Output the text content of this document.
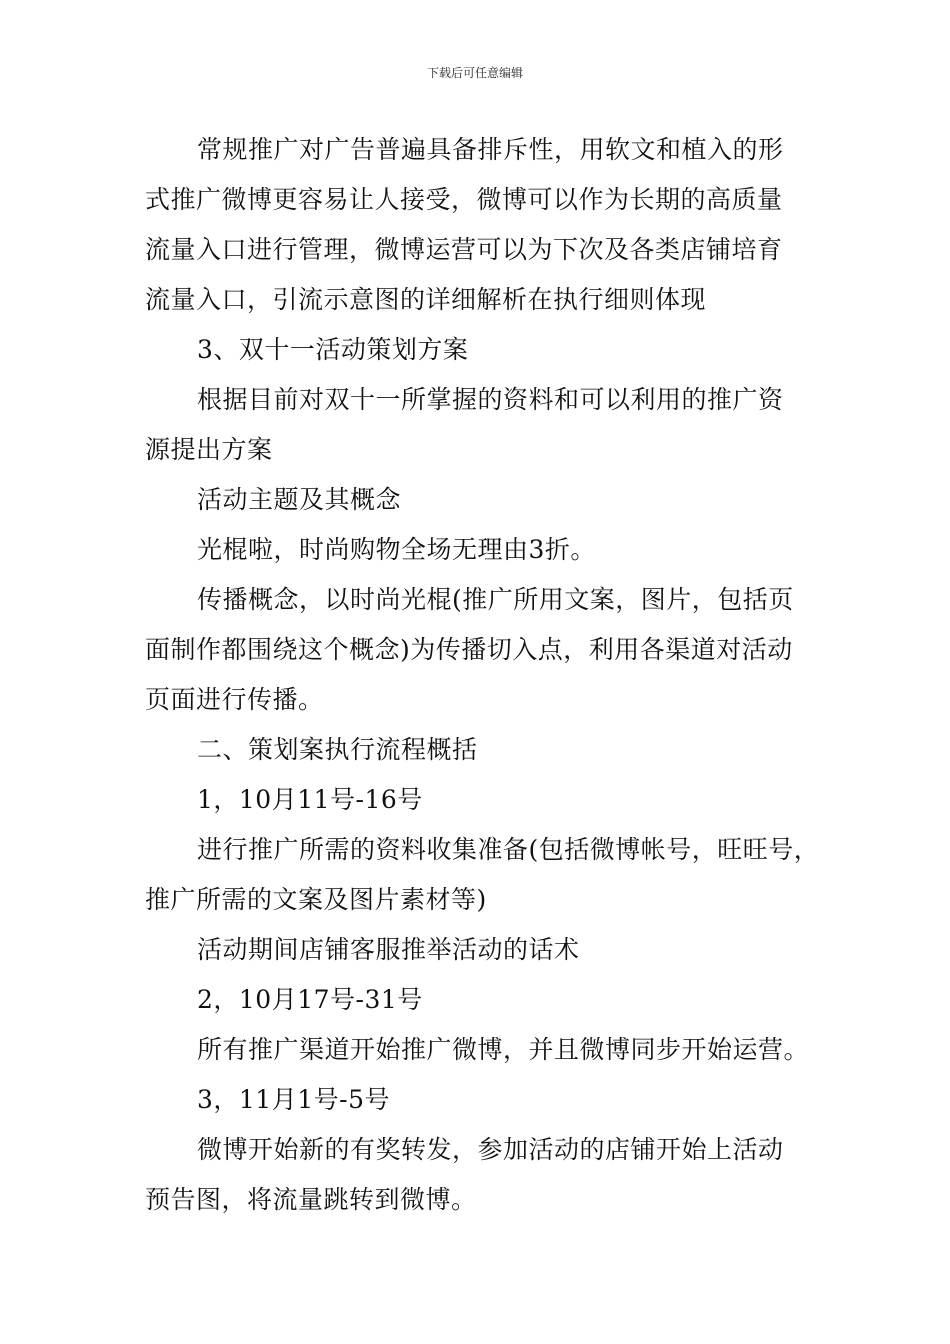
下载后可任意编辑
常规推广对广告普遍具备排斥性，用软文和植入的形
式推广微博更容易让人接受，微博可以作为长期的高质量
流量入口进行管理，微博运营可以为下次及各类店铺培育
流量入口，引流示意图的详细解析在执行细则体现
3、双十一活动策划方案
根据目前对双十一所掌握的资料和可以利用的推广资
源提出方案
活动主题及其概念
光棍啦，时尚购物全场无理由3折。
传播概念，以时尚光棍(推广所用文案，图片，包括页
面制作都围绕这个概念)为传播切入点，利用各渠道对活动
页面进行传播。
二、策划案执行流程概括
1，10月11号-16号
进行推广所需的资料收集准备(包括微博帐号，旺旺号，
推广所需的文案及图片素材等)
活动期间店铺客服推举活动的话术
2，10月17号-31号
所有推广渠道开始推广微博，并且微博同步开始运营。
3，11月1号-5号
微博开始新的有奖转发，参加活动的店铺开始上活动
预告图，将流量跳转到微博。
